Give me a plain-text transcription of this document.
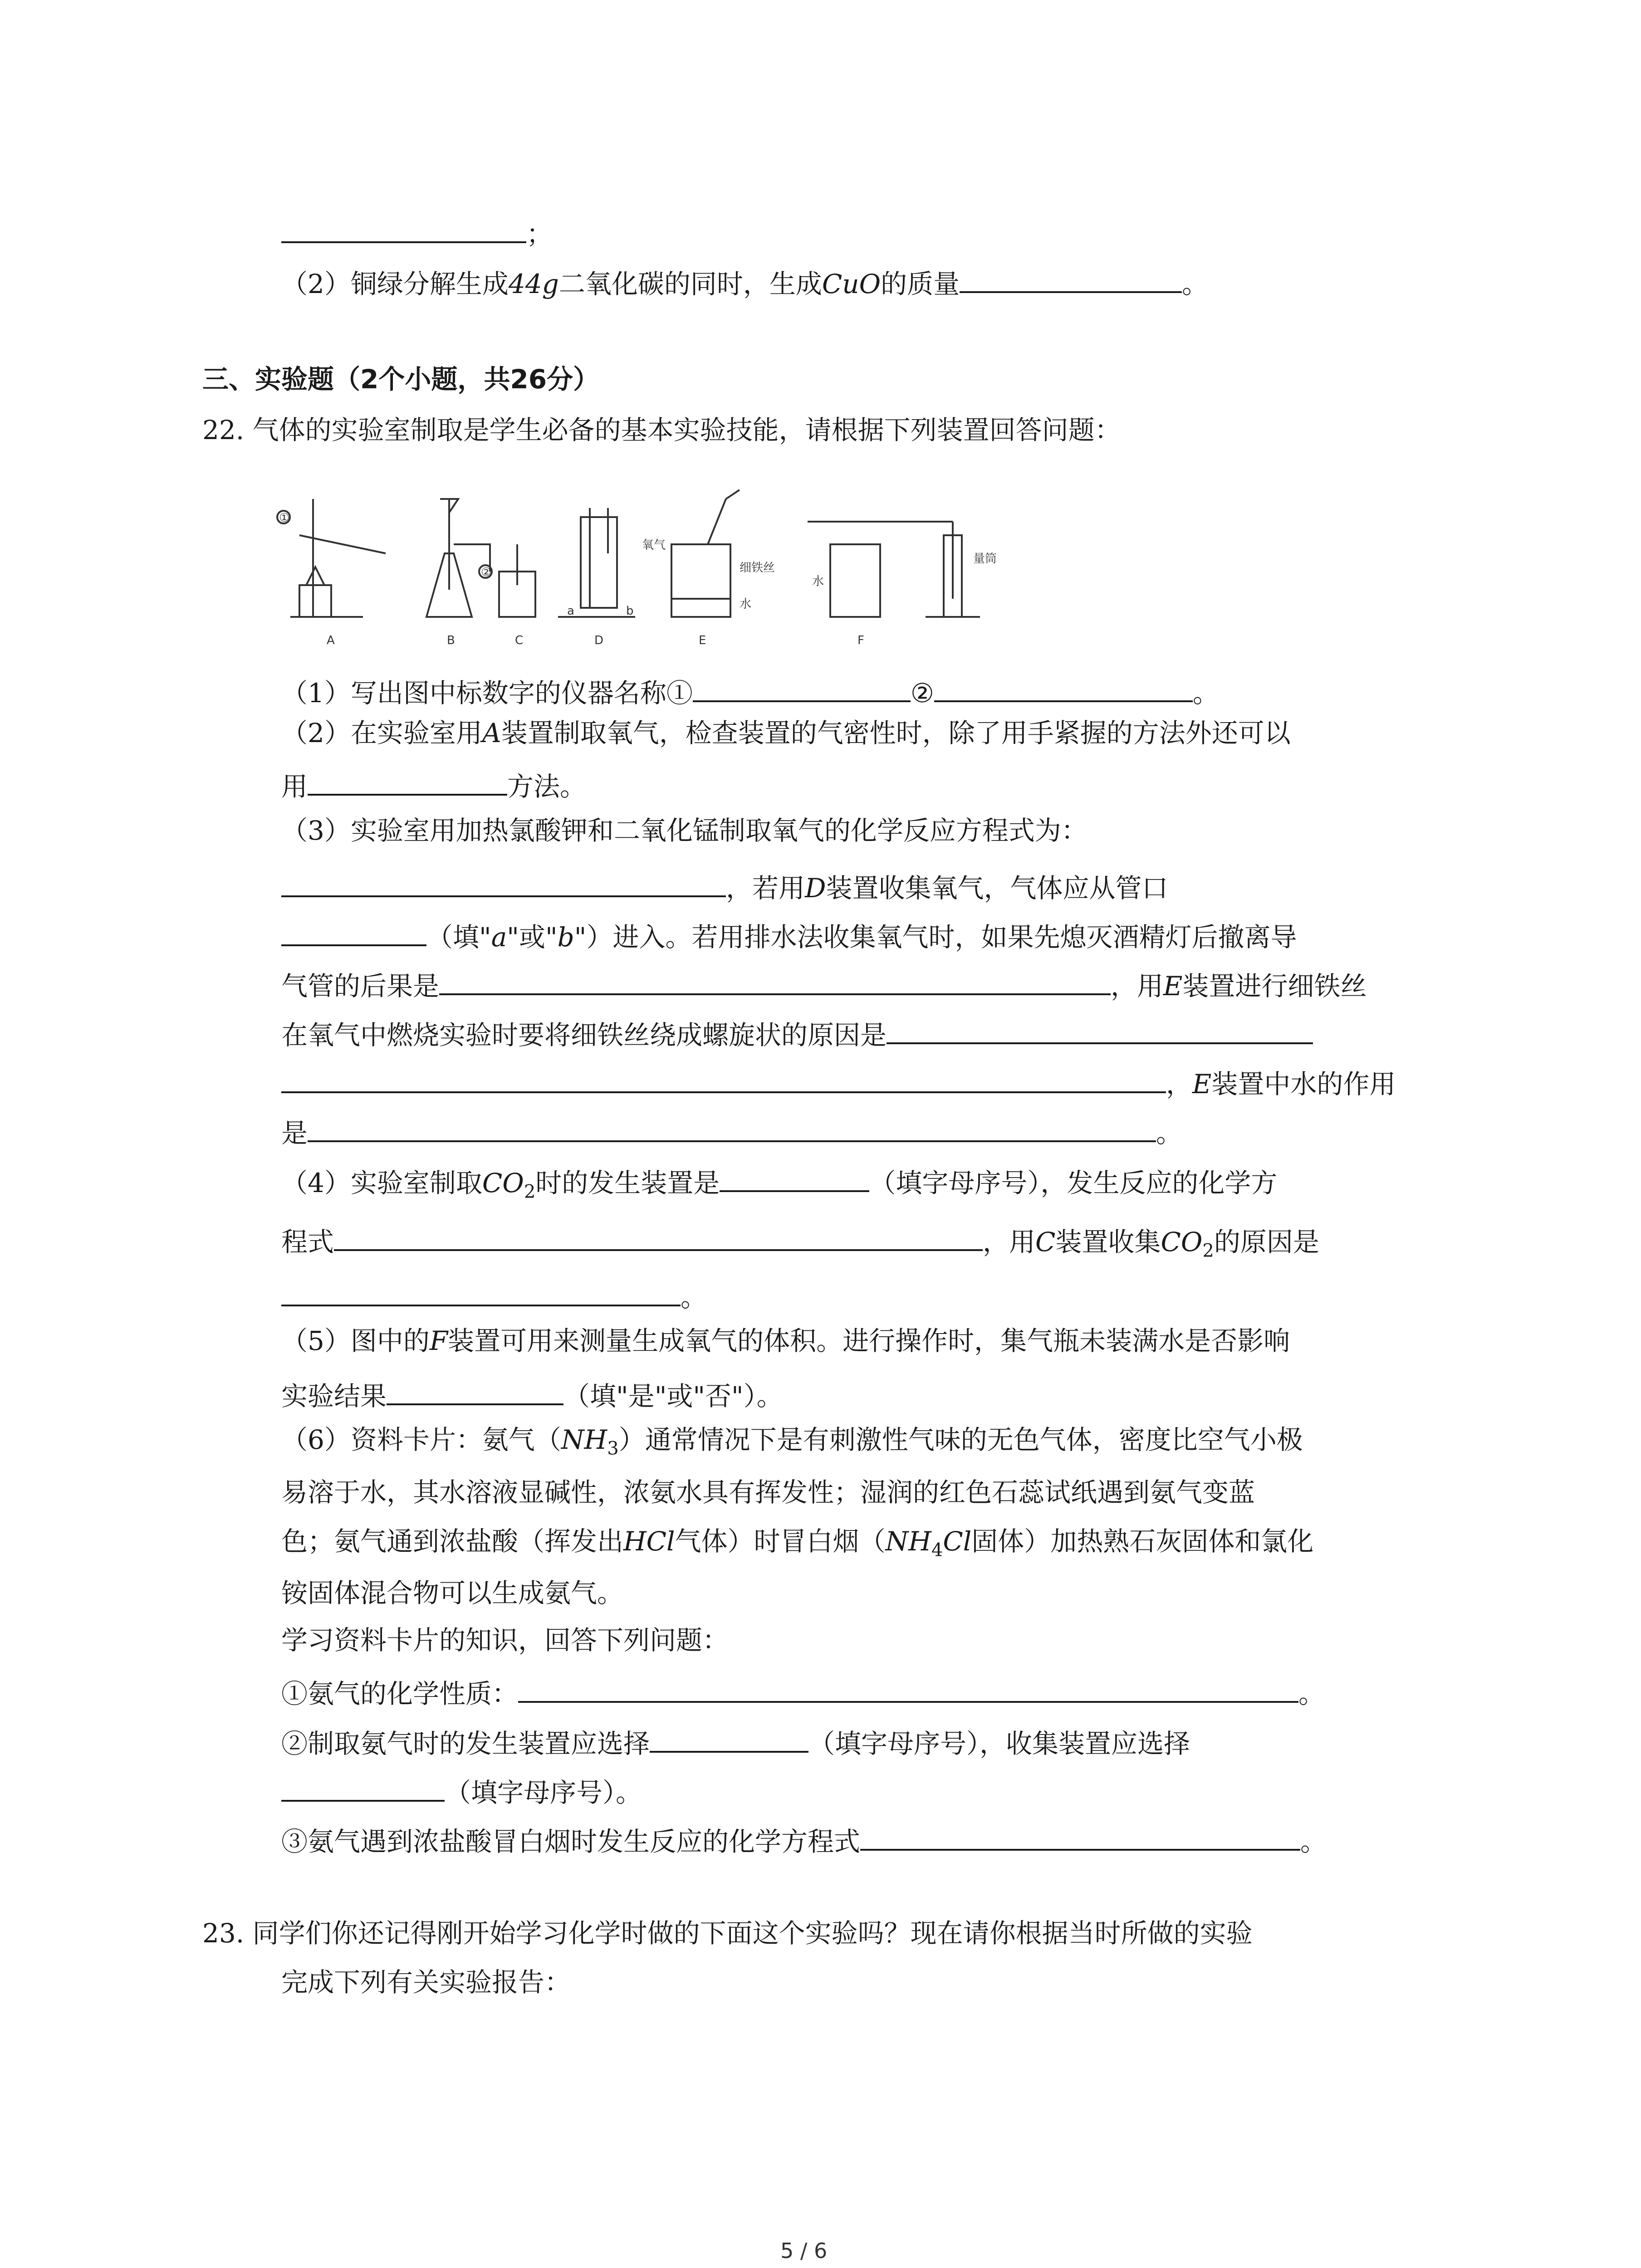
；
（2）铜绿分解生成44g二氧化碳的同时，生成CuO的质量	。
三、实验题（2个小题，共26分）
22. 气体的实验室制取是学生必备的基本实验技能，请根据下列装置回答问题：
A	B	C	D	E	F
①
②
氧气
a	b
细铁丝
水
水
量筒
（1）写出图中标数字的仪器名称①	②	。
（2）在实验室用A装置制取氧气，检查装置的气密性时，除了用手紧握的方法外还可以
用	方法。
（3）实验室用加热氯酸钾和二氧化锰制取氧气的化学反应方程式为：
，若用D装置收集氧气，气体应从管口
（填"a"或"b"）进入。若用排水法收集氧气时，如果先熄灭酒精灯后撤离导
气管的后果是	，用E装置进行细铁丝
在氧气中燃烧实验时要将细铁丝绕成螺旋状的原因是
，E装置中水的作用
是	。
（4）实验室制取$CO_2$时的发生装置是	（填字母序号），发生反应的化学方
程式	，用C装置收集$CO_2$的原因是
。
（5）图中的F装置可用来测量生成氧气的体积。进行操作时，集气瓶未装满水是否影响
实验结果	（填"是"或"否"）。
（6）资料卡片：氨气$(NH_3)$通常情况下是有刺激性气味的无色气体，密度比空气小极
易溶于水，其水溶液显碱性，浓氨水具有挥发性；湿润的红色石蕊试纸遇到氨气变蓝
色；氨气通到浓盐酸（挥发出HCl气体）时冒白烟（$NH_4Cl$固体）加热熟石灰固体和氯化
铵固体混合物可以生成氨气。
学习资料卡片的知识，回答下列问题：
①氨气的化学性质：	。
②制取氨气时的发生装置应选择	（填字母序号），收集装置应选择
（填字母序号）。
③氨气遇到浓盐酸冒白烟时发生反应的化学方程式	。
23. 同学们你还记得刚开始学习化学时做的下面这个实验吗？现在请你根据当时所做的实验
完成下列有关实验报告：
5 / 6
